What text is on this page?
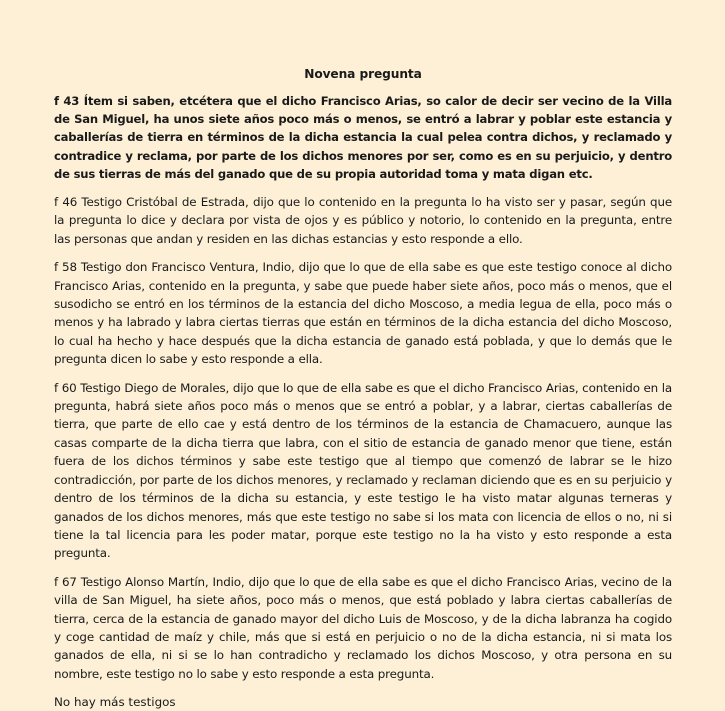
Novena pregunta

f 43 Ítem si saben, etcétera que el dicho Francisco Arias, so calor de decir ser vecino de la Villa de San Miguel, ha unos siete años poco más o menos, se entró a labrar y poblar este estancia y caballerías de tierra en términos de la dicha estancia la cual pelea contra dichos, y reclamado y contradice y reclama, por parte de los dichos menores por ser, como es en su perjuicio, y dentro de sus tierras de más del ganado que de su propia autoridad toma y mata digan etc.

f 46 Testigo Cristóbal de Estrada, dijo que lo contenido en la pregunta lo ha visto ser y pasar, según que la pregunta lo dice y declara por vista de ojos y es público y notorio, lo contenido en la pregunta, entre las personas que andan y residen en las dichas estancias y esto responde a ello.

f 58 Testigo don Francisco Ventura, Indio, dijo que lo que de ella sabe es que este testigo conoce al dicho Francisco Arias, contenido en la pregunta, y sabe que puede haber siete años, poco más o menos, que el susodicho se entró en los términos de la estancia del dicho Moscoso, a media legua de ella, poco más o menos y ha labrado y labra ciertas tierras que están en términos de la dicha estancia del dicho Moscoso, lo cual ha hecho y hace después que la dicha estancia de ganado está poblada, y que lo demás que le pregunta dicen lo sabe y esto responde a ella.

f 60 Testigo Diego de Morales, dijo que lo que de ella sabe es que el dicho Francisco Arias, contenido en la pregunta, habrá siete años poco más o menos que se entró a poblar, y a labrar, ciertas caballerías de tierra, que parte de ello cae y está dentro de los términos de la estancia de Chamacuero, aunque las casas comparte de la dicha tierra que labra, con el sitio de estancia de ganado menor que tiene, están fuera de los dichos términos y sabe este testigo que al tiempo que comenzó de labrar se le hizo contradicción, por parte de los dichos menores, y reclamado y reclaman diciendo que es en su perjuicio y dentro de los términos de la dicha su estancia, y este testigo le ha visto matar algunas terneras y ganados de los dichos menores, más que este testigo no sabe si los mata con licencia de ellos o no, ni si tiene la tal licencia para les poder matar, porque este testigo no la ha visto y esto responde a esta pregunta.

f 67 Testigo Alonso Martín, Indio, dijo que lo que de ella sabe es que el dicho Francisco Arias, vecino de la villa de San Miguel, ha siete años, poco más o menos, que está poblado y labra ciertas caballerías de tierra, cerca de la estancia de ganado mayor del dicho Luis de Moscoso, y de la dicha labranza ha cogido y coge cantidad de maíz y chile, más que si está en perjuicio o no de la dicha estancia, ni si mata los ganados de ella, ni si se lo han contradicho y reclamado los dichos Moscoso, y otra persona en su nombre, este testigo no lo sabe y esto responde a esta pregunta.

No hay más testigos
